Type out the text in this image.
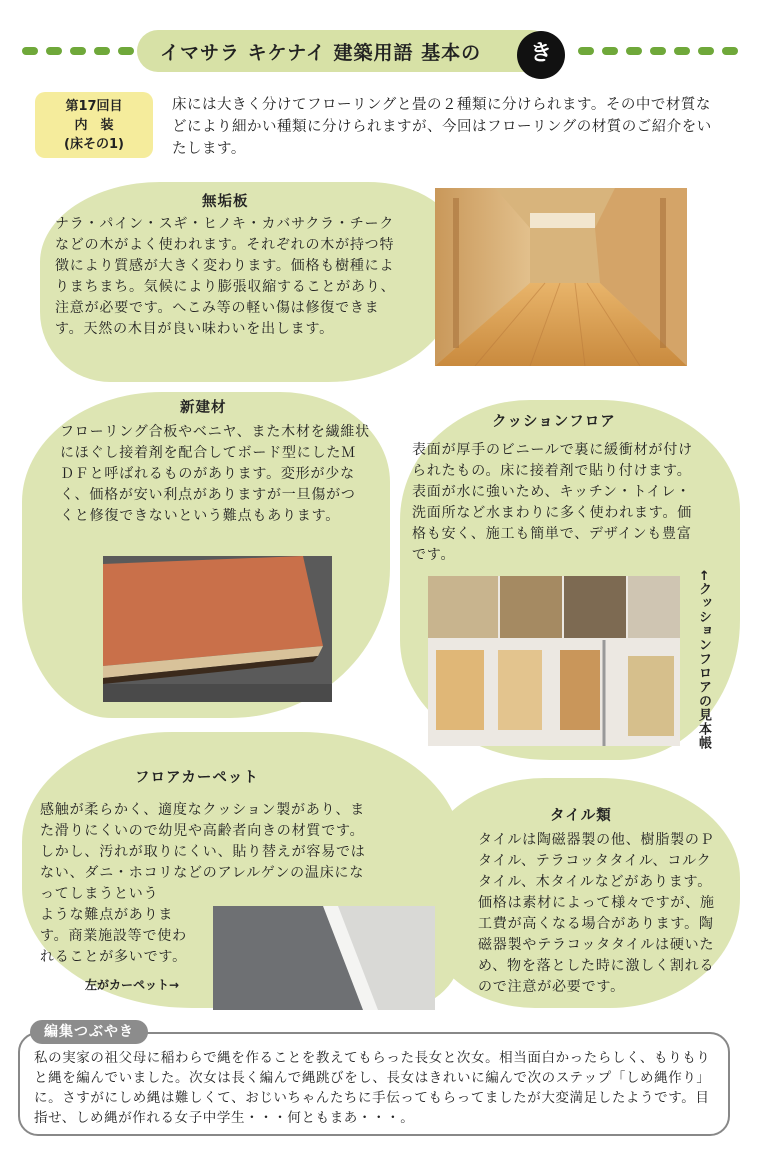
イマサラ キケナイ 建築用語 基本の	き
第17回目
内　装
(床その1)
床には大きく分けてフローリングと畳の２種類に分けられます。その中で材質などにより細かい種類に分けられますが、今回はフローリングの材質のご紹介をいたします。
無垢板
ナラ・パイン・スギ・ヒノキ・カバサクラ・チークなどの木がよく使われます。それぞれの木が持つ特徴により質感が大きく変わります。価格も樹種によりまちまち。気候により膨張収縮することがあり、注意が必要です。へこみ等の軽い傷は修復できます。天然の木目が良い味わいを出します。
新建材
フローリング合板やベニヤ、また木材を繊維状にほぐし接着剤を配合してボード型にしたＭＤＦと呼ばれるものがあります。変形が少なく、価格が安い利点がありますが一旦傷がつくと修復できないという難点もあります。
クッションフロア
表面が厚手のビニールで裏に緩衝材が付けられたもの。床に接着剤で貼り付けます。表面が水に強いため、キッチン・トイレ・洗面所など水まわりに多く使われます。価格も安く、施工も簡単で、デザインも豊富です。
←クッションフロアの見本帳
フロアカーペット
感触が柔らかく、適度なクッション製があり、また滑りにくいので幼児や高齢者向きの材質です。しかし、汚れが取りにくい、貼り替えが容易ではない、ダニ・ホコリなどのアレルゲンの温床になってしまうという
ような難点があります。商業施設等で使われることが多いです。
左がカーペット→
タイル類
タイルは陶磁器製の他、樹脂製のＰタイル、テラコッタタイル、コルクタイル、木タイルなどがあります。価格は素材によって様々ですが、施工費が高くなる場合があります。陶磁器製やテラコッタタイルは硬いため、物を落とした時に激しく割れるので注意が必要です。
編集つぶやき
私の実家の祖父母に稲わらで縄を作ることを教えてもらった長女と次女。相当面白かったらしく、もりもりと縄を編んでいました。次女は長く編んで縄跳びをし、長女はきれいに編んで次のステップ「しめ縄作り」に。さすがにしめ縄は難しくて、おじいちゃんたちに手伝ってもらってましたが大変満足したようです。目指せ、しめ縄が作れる女子中学生・・・何ともまあ・・・。
